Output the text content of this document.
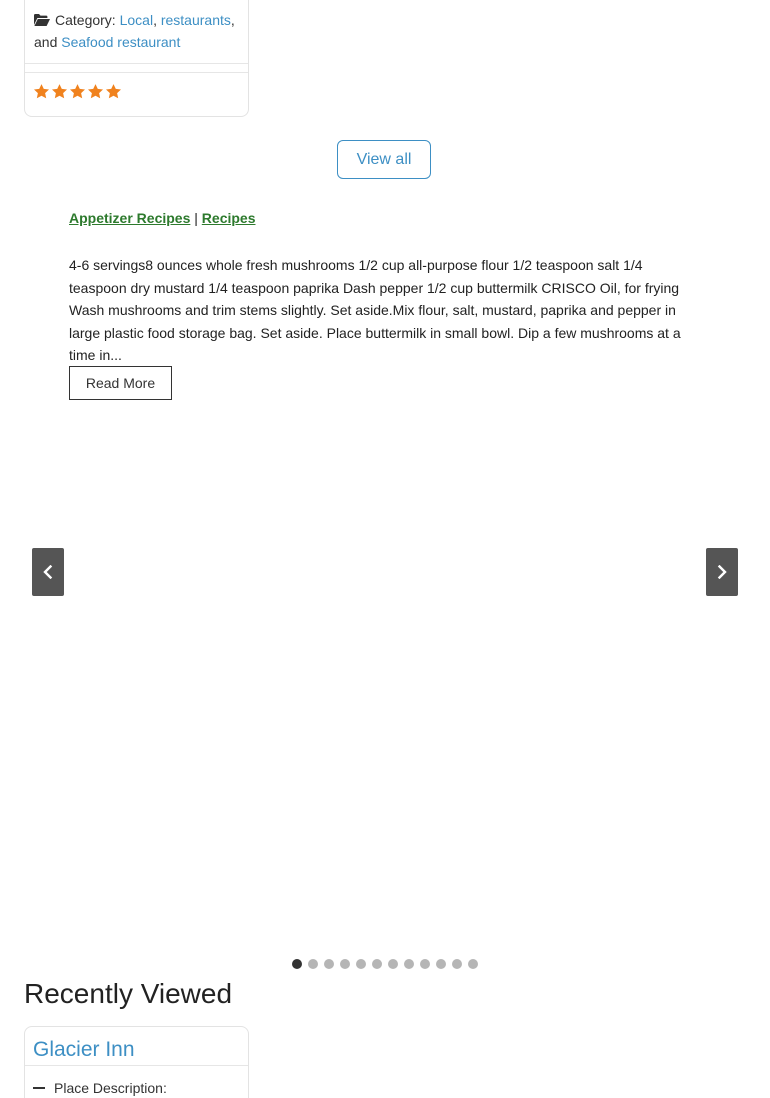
Category: Local, restaurants, and Seafood restaurant
View all
Appetizer Recipes | Recipes
4-6 servings8 ounces whole fresh mushrooms 1/2 cup all-purpose flour 1/2 teaspoon salt 1/4 teaspoon dry mustard 1/4 teaspoon paprika Dash pepper 1/2 cup buttermilk CRISCO Oil, for frying Wash mushrooms and trim stems slightly. Set aside.Mix flour, salt, mustard, paprika and pepper in large plastic food storage bag. Set aside. Place buttermilk in small bowl. Dip a few mushrooms at a time in...
Read More
Recently Viewed
Glacier Inn
Place Description:
